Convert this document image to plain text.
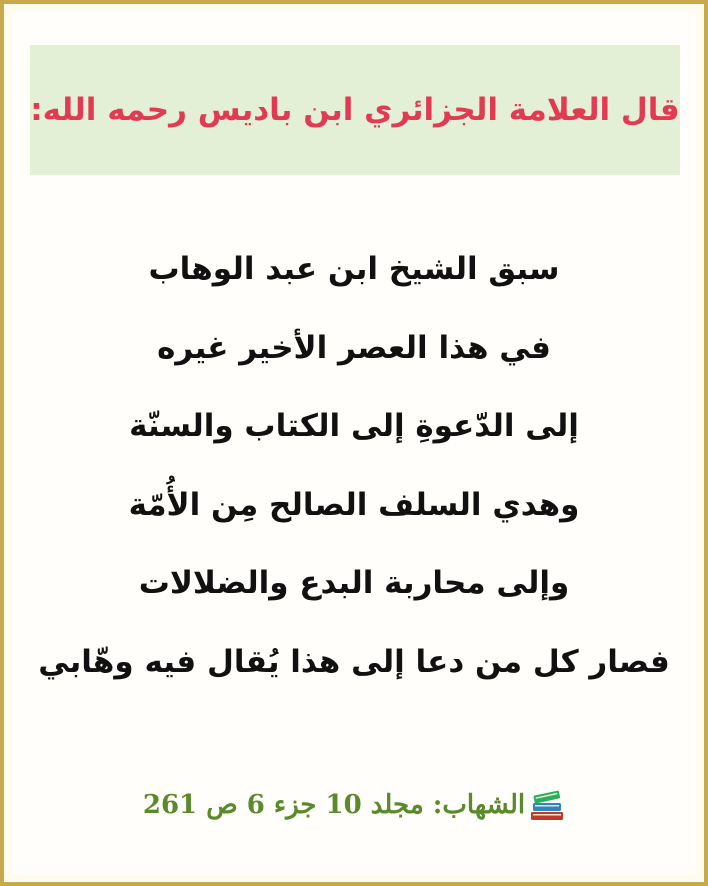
قال العلامة الجزائري ابن باديس رحمه الله:
سبق الشيخ ابن عبد الوهاب
في هذا العصر الأخير غيره
إلى الدّعوةِ إلى الكتاب والسنّة
وهدي السلف الصالح مِن الأُمّة
وإلى محاربة البدع والضلالات
فصار كل من دعا إلى هذا يُقال فيه وهّابي
الشهاب: مجلد 10 جزء 6 ص 261
